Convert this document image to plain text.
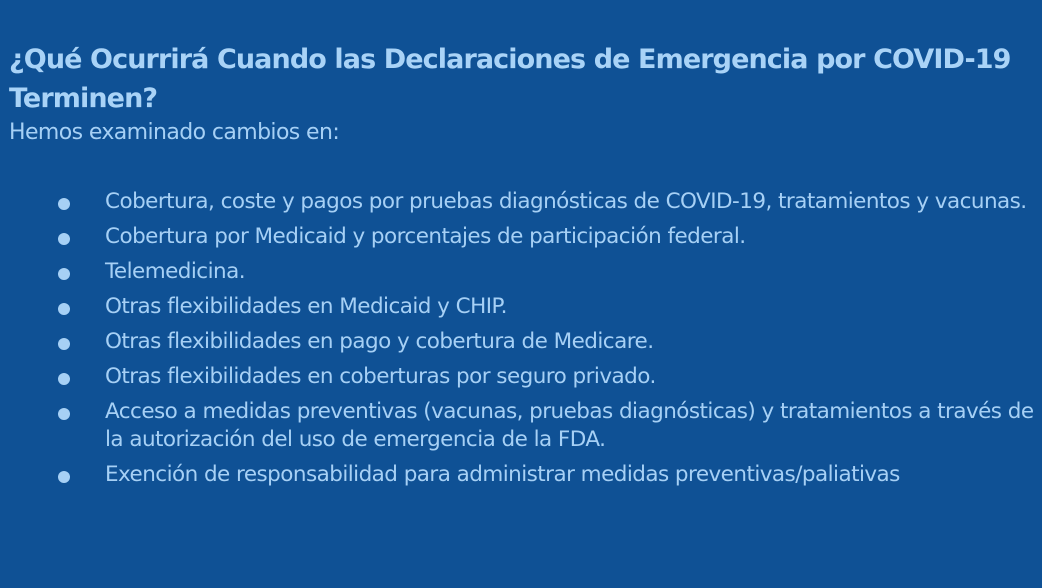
¿Qué Ocurrirá Cuando las Declaraciones de Emergencia por COVID-19 Terminen?

Hemos examinado cambios en:

Cobertura, coste y pagos por pruebas diagnósticas de COVID-19, tratamientos y vacunas.
Cobertura por Medicaid y porcentajes de participación federal.
Telemedicina.
Otras flexibilidades en Medicaid y CHIP.
Otras flexibilidades en pago y cobertura de Medicare.
Otras flexibilidades en coberturas por seguro privado.
Acceso a medidas preventivas (vacunas, pruebas diagnósticas) y tratamientos a través de la autorización del uso de emergencia de la FDA.
Exención de responsabilidad para administrar medidas preventivas/paliativas
